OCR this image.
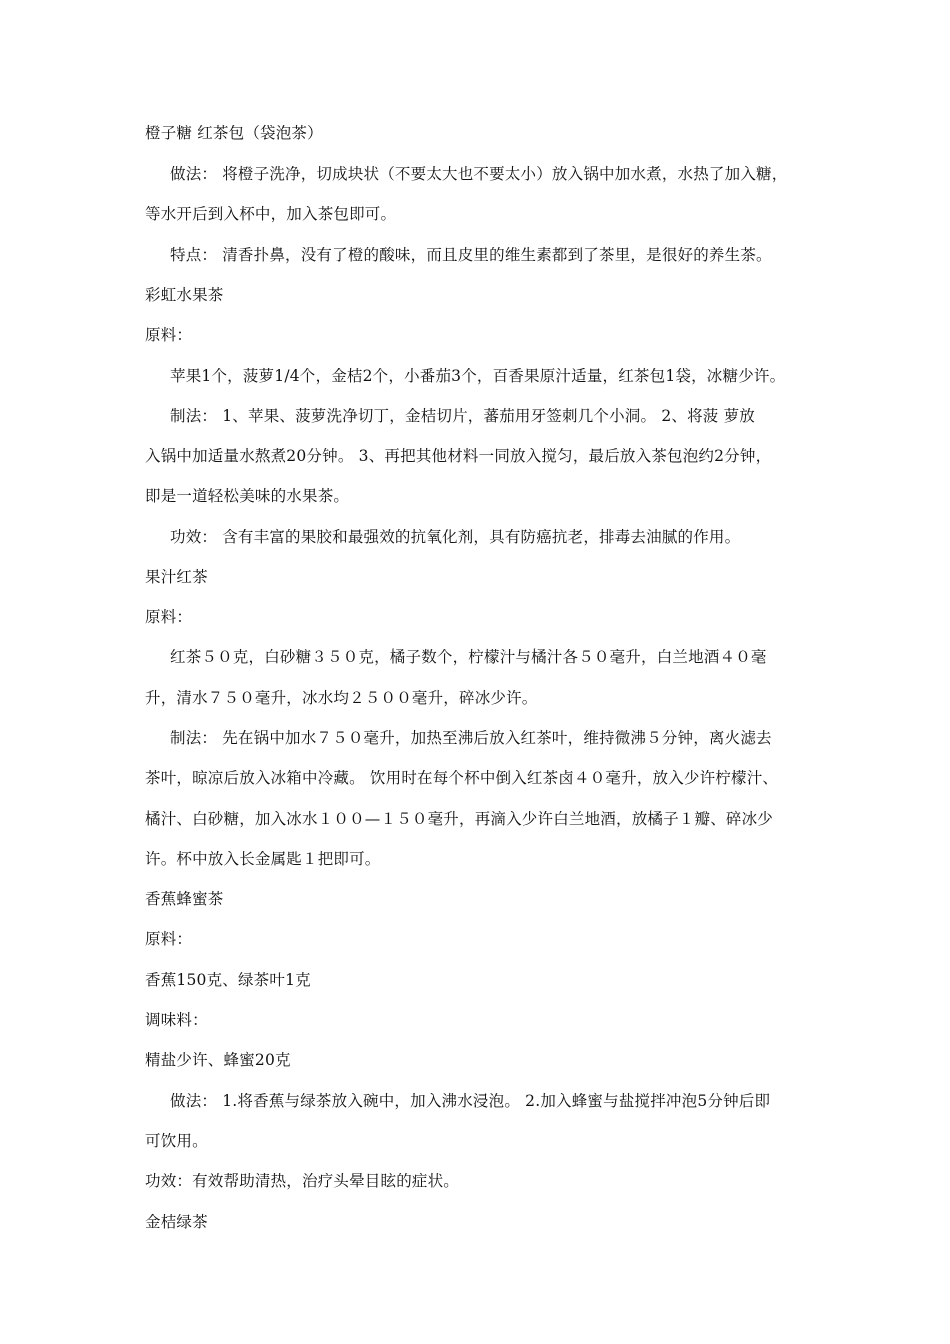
橙子糖 红茶包（袋泡茶）
做法： 将橙子洗净，切成块状（不要太大也不要太小）放入锅中加水煮，水热了加入糖，
等水开后到入杯中，加入茶包即可。
特点： 清香扑鼻，没有了橙的酸味，而且皮里的维生素都到了茶里，是很好的养生茶。
彩虹水果茶
原料：
苹果1个，菠萝1/4个，金桔2个，小番茄3个，百香果原汁适量，红茶包1袋，冰糖少许。
制法： 1、苹果、菠萝洗净切丁，金桔切片，蕃茄用牙签刺几个小洞。 2、将菠 萝放
入锅中加适量水熬煮20分钟。 3、再把其他材料一同放入搅匀，最后放入茶包泡约2分钟，
即是一道轻松美味的水果茶。
功效： 含有丰富的果胶和最强效的抗氧化剂，具有防癌抗老，排毒去油腻的作用。
果汁红茶
原料：
红茶５０克，白砂糖３５０克，橘子数个，柠檬汁与橘汁各５０毫升，白兰地酒４０毫
升，清水７５０毫升，冰水均２５００毫升，碎冰少许。
制法： 先在锅中加水７５０毫升，加热至沸后放入红茶叶，维持微沸５分钟，离火滤去
茶叶，晾凉后放入冰箱中冷藏。 饮用时在每个杯中倒入红茶卤４０毫升，放入少许柠檬汁、
橘汁、白砂糖，加入冰水１００—１５０毫升，再滴入少许白兰地酒，放橘子１瓣、碎冰少
许。杯中放入长金属匙１把即可。
香蕉蜂蜜茶
原料：
香蕉150克、绿茶叶1克
调味料：
精盐少许、蜂蜜20克
做法： 1.将香蕉与绿茶放入碗中，加入沸水浸泡。 2.加入蜂蜜与盐搅拌冲泡5分钟后即
可饮用。
功效：有效帮助清热，治疗头晕目眩的症状。
金桔绿茶
